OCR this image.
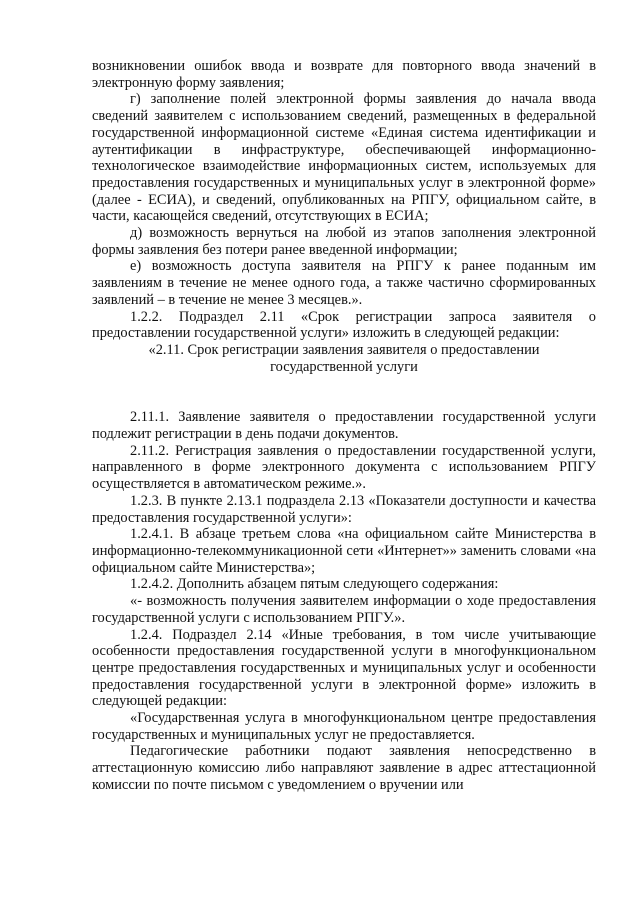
возникновении ошибок ввода и возврате для повторного ввода значений в электронную форму заявления;

г) заполнение полей электронной формы заявления до начала ввода сведений заявителем с использованием сведений, размещенных в федеральной государственной информационной системе «Единая система идентификации и аутентификации в инфраструктуре, обеспечивающей информационно-технологическое взаимодействие информационных систем, используемых для предоставления государственных и муниципальных услуг в электронной форме» (далее - ЕСИА), и сведений, опубликованных на РПГУ, официальном сайте, в части, касающейся сведений, отсутствующих в ЕСИА;

д) возможность вернуться на любой из этапов заполнения электронной формы заявления без потери ранее введенной информации;

е) возможность доступа заявителя на РПГУ к ранее поданным им заявлениям в течение не менее одного года, а также частично сформированных заявлений – в течение не менее 3 месяцев.».

1.2.2. Подраздел 2.11 «Срок регистрации запроса заявителя о предоставлении государственной услуги» изложить в следующей редакции:

«2.11. Срок регистрации заявления заявителя о предоставлении государственной услуги

2.11.1. Заявление заявителя о предоставлении государственной услуги подлежит регистрации в день подачи документов.

2.11.2. Регистрация заявления о предоставлении государственной услуги, направленного в форме электронного документа с использованием РПГУ осуществляется в автоматическом режиме.».

1.2.3. В пункте 2.13.1 подраздела 2.13 «Показатели доступности и качества предоставления государственной услуги»:

1.2.4.1. В абзаце третьем слова «на официальном сайте Министерства в информационно-телекоммуникационной сети «Интернет»» заменить словами «на официальном сайте Министерства»;

1.2.4.2. Дополнить абзацем пятым следующего содержания:

«- возможность получения заявителем информации о ходе предоставления государственной услуги с использованием РПГУ.».

1.2.4. Подраздел 2.14 «Иные требования, в том числе учитывающие особенности предоставления государственной услуги в многофункциональном центре предоставления государственных и муниципальных услуг и особенности предоставления государственной услуги в электронной форме» изложить в следующей редакции:

«Государственная услуга в многофункциональном центре предоставления государственных и муниципальных услуг не предоставляется.

Педагогические работники подают заявления непосредственно в аттестационную комиссию либо направляют заявление в адрес аттестационной комиссии по почте письмом с уведомлением о вручении или
